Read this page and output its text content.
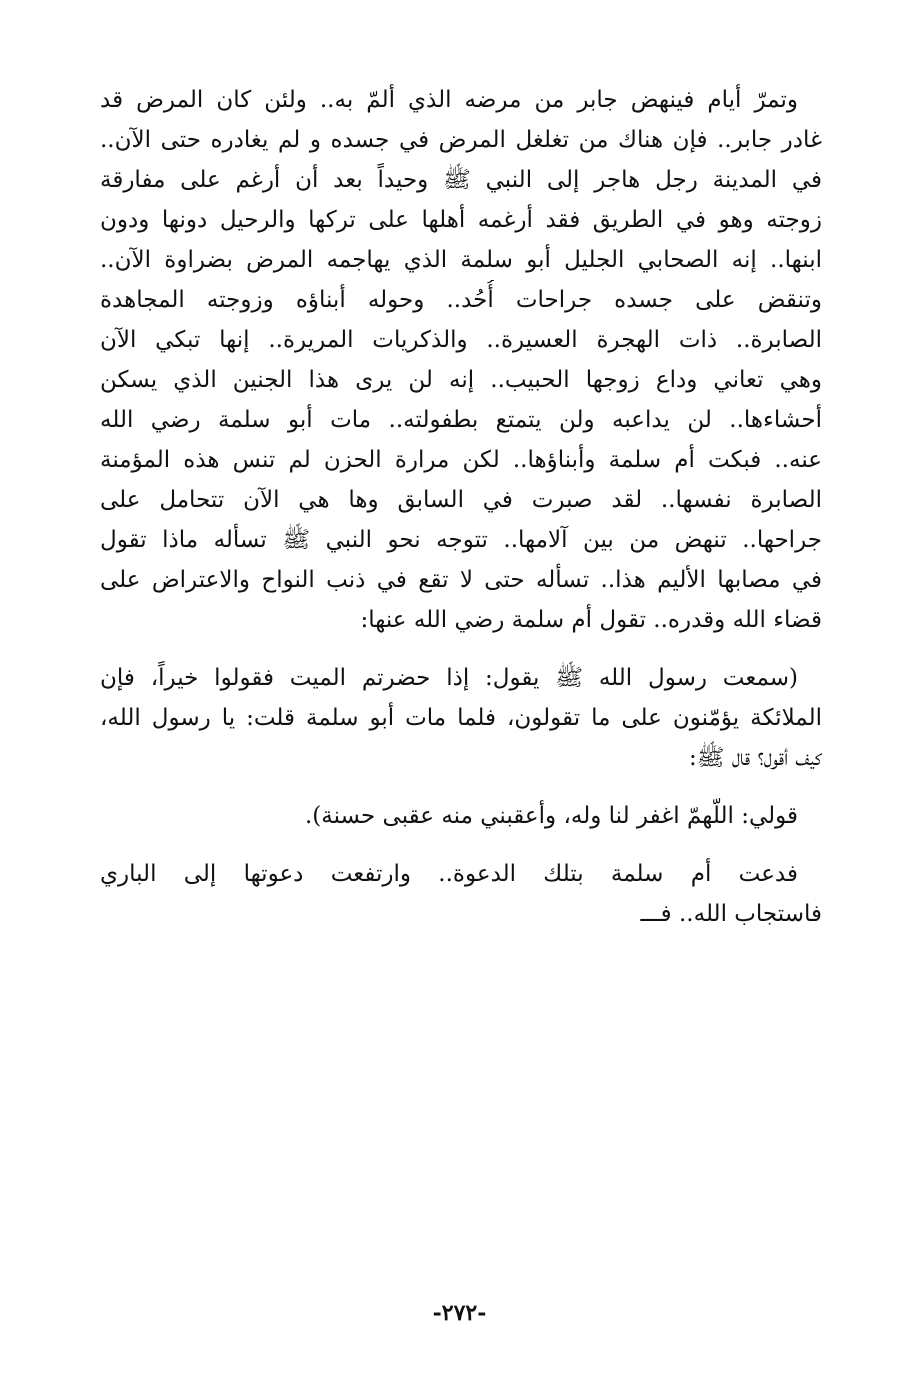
وتمرّ أيام فينهض جابر من مرضه الذي ألمّ به.. ولئن كان المرض قد
غادر جابر.. فإن هناك من تغلغل المرض في جسده و لم يغادره حتى الآن..
في المدينة رجل هاجر إلى النبي ﷺ وحيداً بعد أن أرغم على مفارقة
زوجته وهو في الطريق فقد أرغمه أهلها على تركها والرحيل دونها ودون
ابنها.. إنه الصحابي الجليل أبو سلمة الذي يهاجمه المرض بضراوة الآن..
وتنقض على جسده جراحات أُحُد.. وحوله أبناؤه وزوجته المجاهدة
الصابرة.. ذات الهجرة العسيرة.. والذكريات المريرة.. إنها تبكي الآن
وهي تعاني وداع زوجها الحبيب.. إنه لن يرى هذا الجنين الذي يسكن
أحشاءها.. لن يداعبه ولن يتمتع بطفولته.. مات أبو سلمة رضي الله
عنه.. فبكت أم سلمة وأبناؤها.. لكن مرارة الحزن لم تنس هذه المؤمنة
الصابرة نفسها.. لقد صبرت في السابق وها هي الآن تتحامل على
جراحها.. تنهض من بين آلامها.. تتوجه نحو النبي ﷺ تسأله ماذا تقول
في مصابها الأليم هذا.. تسأله حتى لا تقع في ذنب النواح والاعتراض على
قضاء الله وقدره.. تقول أم سلمة رضي الله عنها:

(سمعت رسول الله ﷺ يقول: إذا حضرتم الميت فقولوا خيراً، فإن
الملائكة يؤمّنون على ما تقولون، فلما مات أبو سلمة قلت: يا رسول الله،
كيف أقول؟ قال ﷺ:

قولي: اللّهمّ اغفر لنا وله، وأعقبني منه عقبى حسنة).

فدعت أم سلمة بتلك الدعوة.. وارتفعت دعوتها إلى الباري
فاستجاب الله.. فـــ

-٢٧٢-
